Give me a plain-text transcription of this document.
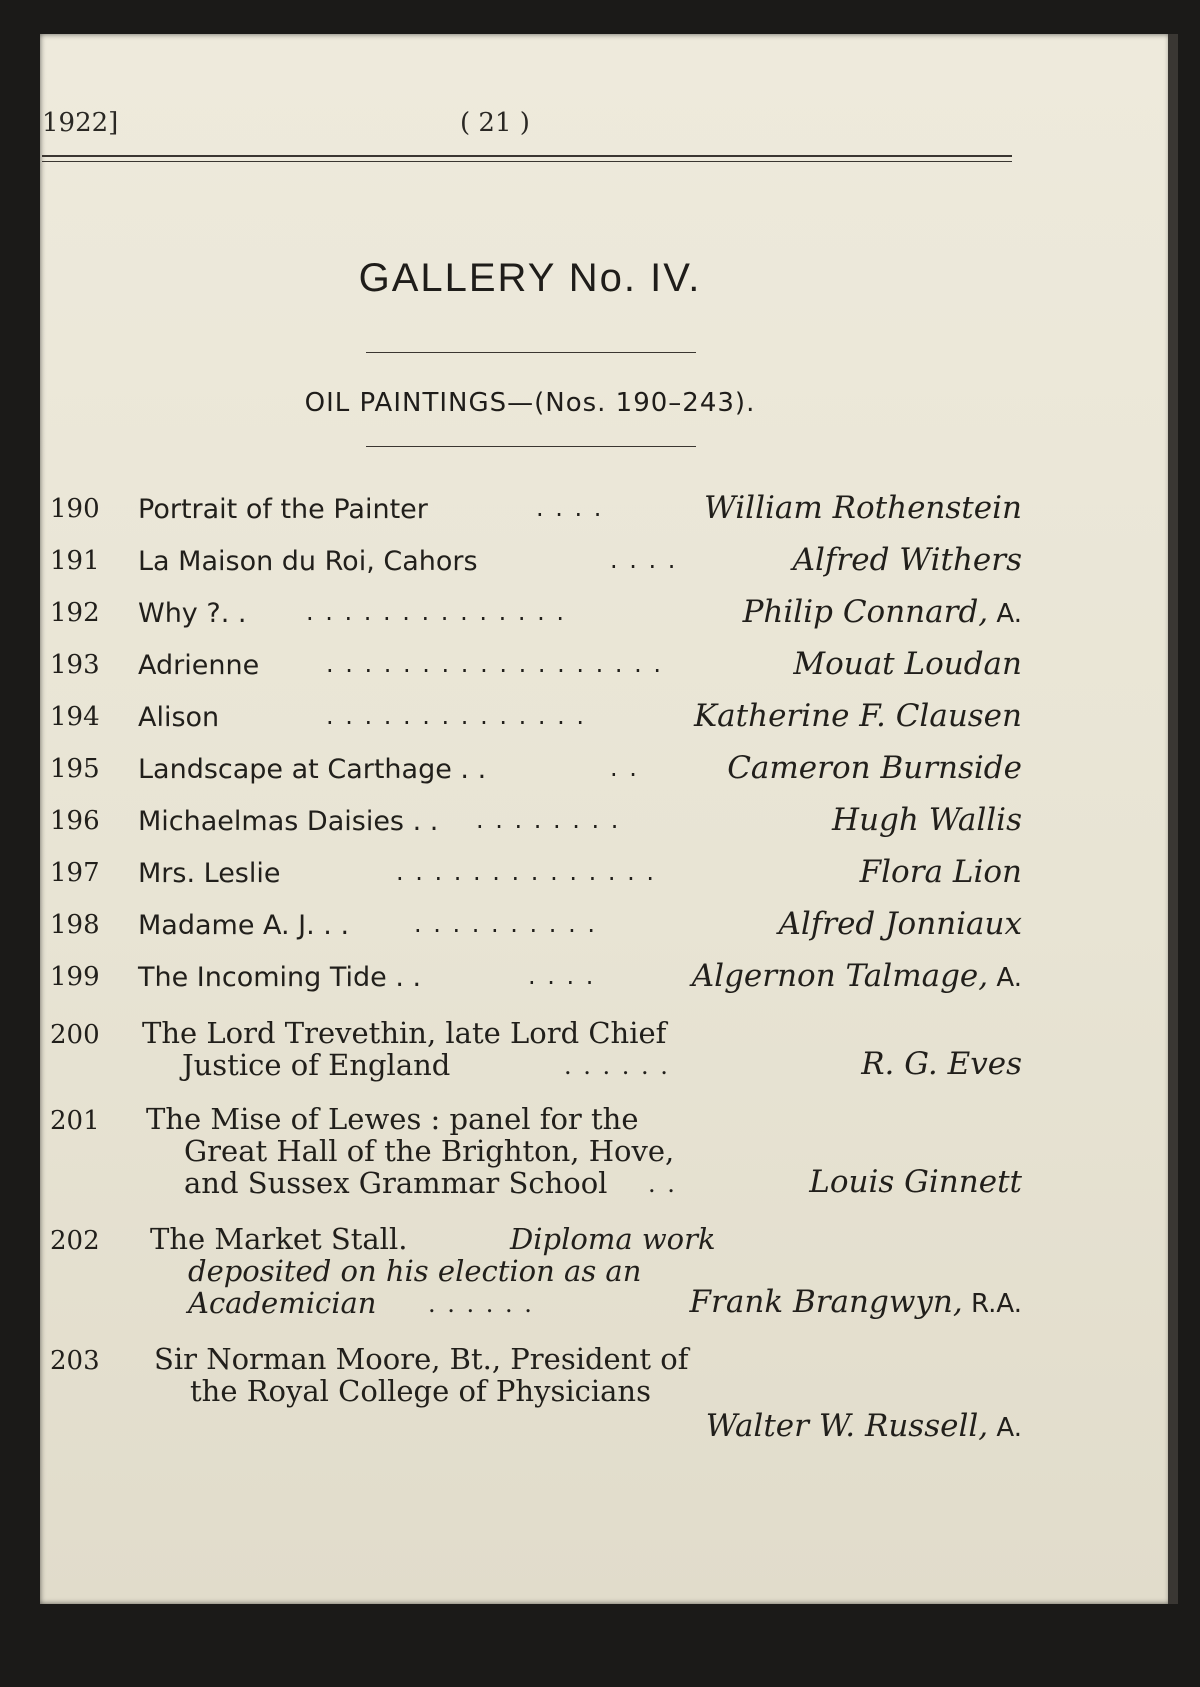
1922]	( 21 )
GALLERY No. IV.
OIL PAINTINGS—(Nos. 190–243).
190 Portrait of the Painter	. . . .	William Rothenstein
191 La Maison du Roi, Cahors	. . . .	Alfred Withers
192 Why ?. . . . . . . . . . . . . . . .	Philip Connard, A.
193 Adrienne	. . . . . . . . . . . . . . . . . .	Mouat Loudan
194 Alison	. . . . . . . . . . . . . .	Katherine F. Clausen
195 Landscape at Carthage . .	. .	Cameron Burnside
196 Michaelmas Daisies . . . . . . . . . .	Hugh Wallis
197 Mrs. Leslie	. . . . . . . . . . . . . .	Flora Lion
198 Madame A. J. . .	. . . . . . . . . .	Alfred Jonniaux
199 The Incoming Tide . .	. . . .	Algernon Talmage, A.
200 The Lord Trevethin, late Lord Chief
Justice of England	. . . . . .	R. G. Eves
201 The Mise of Lewes : panel for the
Great Hall of the Brighton, Hove,
and Sussex Grammar School . .	Louis Ginnett
202 The Market Stall.	Diploma work
deposited on his election as an
Academician . . . . . .	Frank Brangwyn, R.A.
203 Sir Norman Moore, Bt., President of
the Royal College of Physicians
Walter W. Russell, A.
